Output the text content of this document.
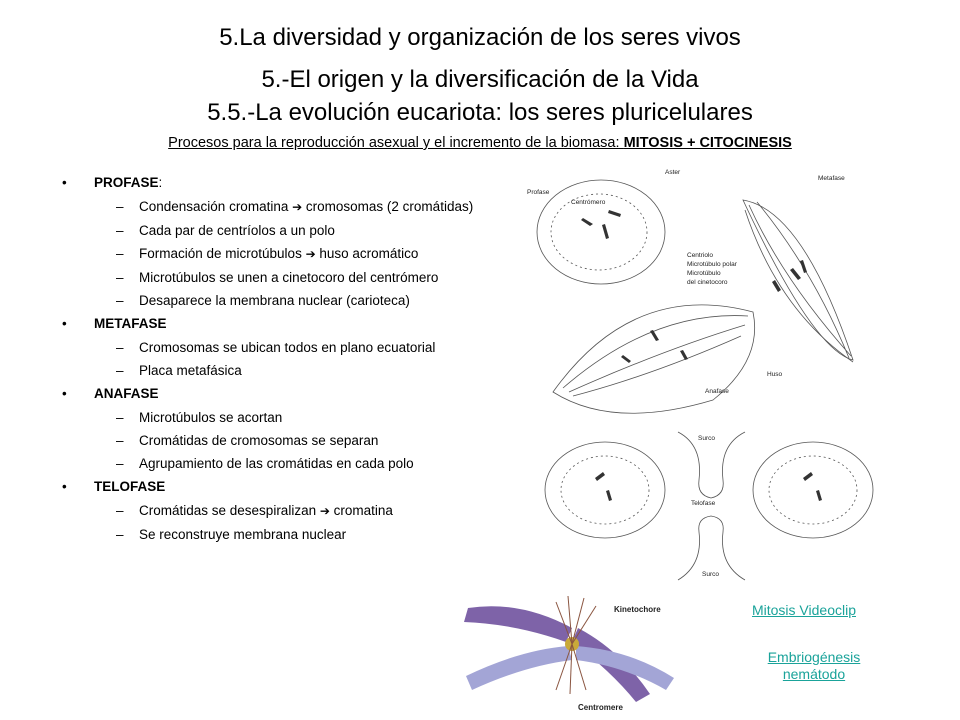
5.La diversidad y organización de los seres vivos
5.-El origen y la diversificación de la Vida
5.5.-La evolución eucariota: los seres pluricelulares
Procesos para la reproducción asexual y el incremento de la biomasa: MITOSIS + CITOCINESIS
• PROFASE:
– Condensación cromatina ➔ cromosomas (2 cromátidas)
– Cada par de centríolos a un polo
– Formación de microtúbulos ➔ huso acromático
– Microtúbulos se unen a cinetocoro del centrómero
– Desaparece la membrana nuclear (carioteca)
• METAFASE
– Cromosomas se ubican todos en plano ecuatorial
– Placa metafásica
• ANAFASE
– Microtúbulos se acortan
– Cromátidas de cromosomas se separan
– Agrupamiento de las cromátidas en cada polo
• TELOFASE
– Cromátidas se desespiralizan ➔ cromatina
– Se reconstruye membrana nuclear
Profase
Centrómero
Aster
Metafase
Centriolo
Microtúbulo polar
Microtúbulo
del cinetocoro
Huso
Anafase
Surco
Telofase
Surco
Kinetochore
Centromere
Mitosis Videoclip
Embriogénesis
nemátodo
